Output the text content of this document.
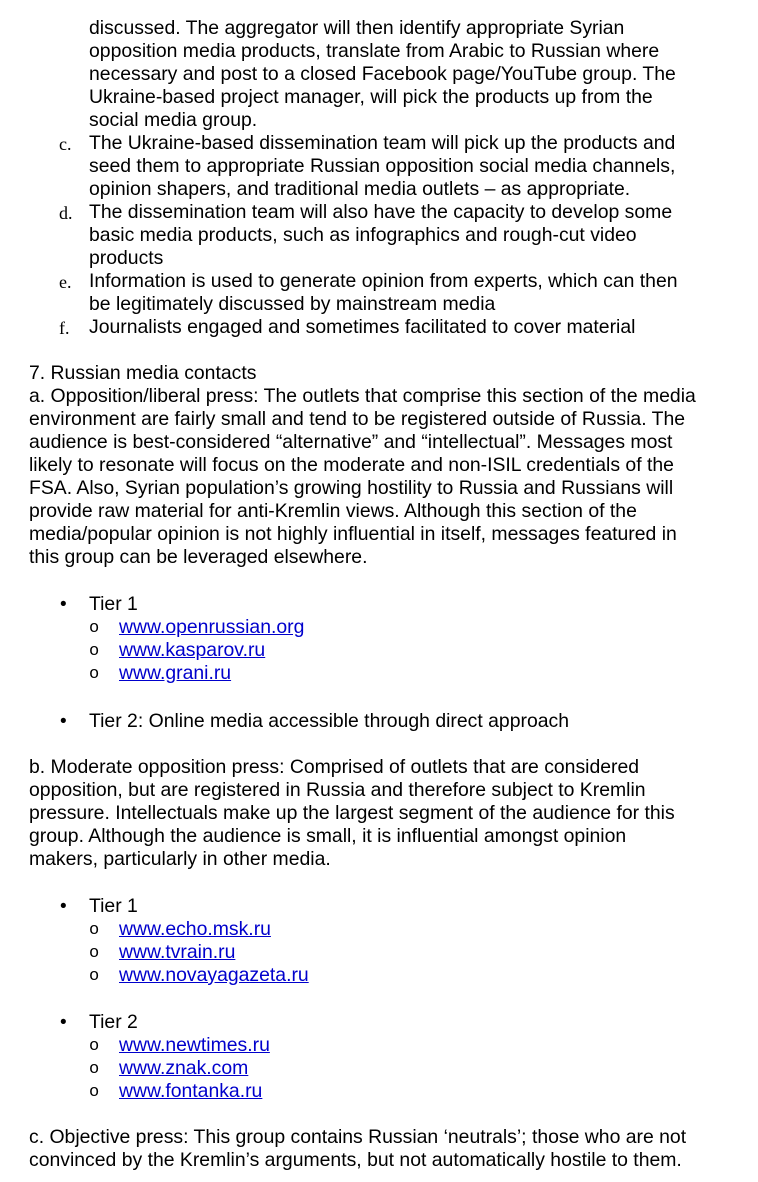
discussed. The aggregator will then identify appropriate Syrian
opposition media products, translate from Arabic to Russian where
necessary and post to a closed Facebook page/YouTube group. The
Ukraine-based project manager, will pick the products up from the
social media group.
c. The Ukraine-based dissemination team will pick up the products and
seed them to appropriate Russian opposition social media channels,
opinion shapers, and traditional media outlets – as appropriate.
d. The dissemination team will also have the capacity to develop some
basic media products, such as infographics and rough-cut video
products
e. Information is used to generate opinion from experts, which can then
be legitimately discussed by mainstream media
f.	Journalists engaged and sometimes facilitated to cover material
7. Russian media contacts
a. Opposition/liberal press: The outlets that comprise this section of the media
environment are fairly small and tend to be registered outside of Russia. The
audience is best-considered “alternative” and “intellectual”. Messages most
likely to resonate will focus on the moderate and non-ISIL credentials of the
FSA. Also, Syrian population’s growing hostility to Russia and Russians will
provide raw material for anti-Kremlin views. Although this section of the
media/popular opinion is not highly influential in itself, messages featured in
this group can be leveraged elsewhere.
• Tier 1
o www.openrussian.org
o www.kasparov.ru
o www.grani.ru
• Tier 2: Online media accessible through direct approach
b. Moderate opposition press: Comprised of outlets that are considered
opposition, but are registered in Russia and therefore subject to Kremlin
pressure. Intellectuals make up the largest segment of the audience for this
group. Although the audience is small, it is influential amongst opinion
makers, particularly in other media.
• Tier 1
o www.echo.msk.ru
o www.tvrain.ru
o www.novayagazeta.ru
• Tier 2
o www.newtimes.ru
o www.znak.com
o www.fontanka.ru
c. Objective press: This group contains Russian ‘neutrals’; those who are not
convinced by the Kremlin’s arguments, but not automatically hostile to them.
